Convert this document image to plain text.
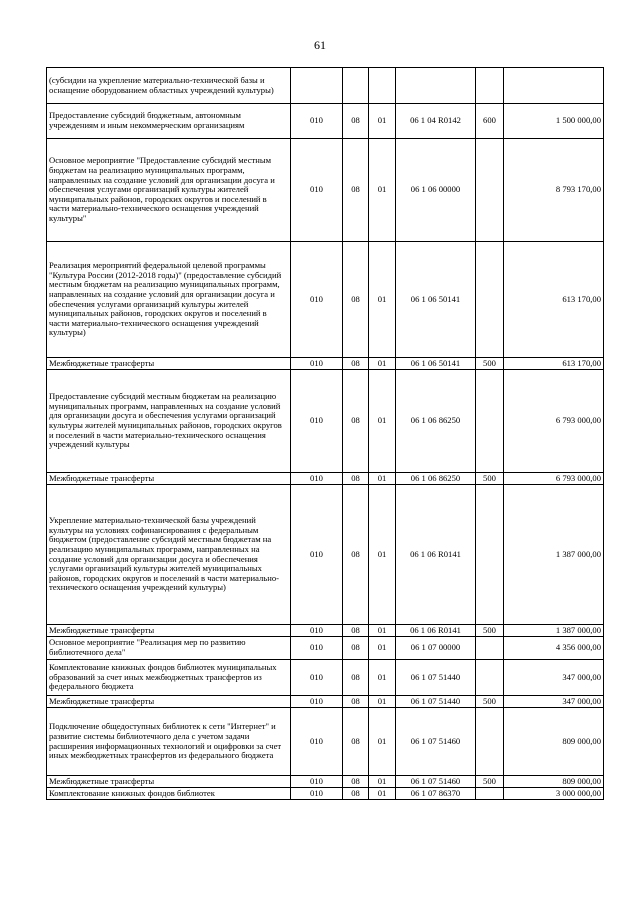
61
(субсидии на укрепление материально-технической базы и оснащение оборудованием областных учреждений культуры)						
Предоставление субсидий бюджетным, автономным учреждениям и иным некоммерческим организациям	010	08	01	06 1 04 R0142	600	1 500 000,00
Основное мероприятие "Предоставление субсидий местным бюджетам на реализацию муниципальных программ, направленных на создание условий для организации досуга и обеспечения услугами организаций культуры жителей муниципальных районов, городских округов и поселений в части материально-технического оснащения учреждений культуры"	010	08	01	06 1 06 00000		8 793 170,00
Реализация мероприятий федеральной целевой программы "Культура России (2012-2018 годы)" (предоставление субсидий местным бюджетам на реализацию муниципальных программ, направленных на создание условий для организации досуга и обеспечения услугами организаций культуры жителей муниципальных районов, городских округов и поселений в части материально-технического оснащения учреждений культуры)	010	08	01	06 1 06 50141		613 170,00
Межбюджетные трансферты	010	08	01	06 1 06 50141	500	613 170,00
Предоставление субсидий местным бюджетам на реализацию муниципальных программ, направленных на создание условий для организации досуга и обеспечения услугами организаций культуры жителей муниципальных районов, городских округов и поселений в части материально-технического оснащения учреждений культуры	010	08	01	06 1 06 86250		6 793 000,00
Межбюджетные трансферты	010	08	01	06 1 06 86250	500	6 793 000,00
Укрепление материально-технической базы учреждений культуры на условиях софинансирования с федеральным бюджетом (предоставление субсидий местным бюджетам на реализацию муниципальных программ, направленных на создание условий для организации досуга и обеспечения услугами организаций культуры жителей муниципальных районов, городских округов и поселений в части материально-технического оснащения учреждений культуры)	010	08	01	06 1 06 R0141		1 387 000,00
Межбюджетные трансферты	010	08	01	06 1 06 R0141	500	1 387 000,00
Основное мероприятие "Реализация мер по развитию библиотечного дела"	010	08	01	06 1 07 00000		4 356 000,00
Комплектование книжных фондов библиотек муниципальных образований за счет иных межбюджетных трансфертов из федерального бюджета	010	08	01	06 1 07 51440		347 000,00
Межбюджетные трансферты	010	08	01	06 1 07 51440	500	347 000,00
Подключение общедоступных библиотек к сети "Интернет" и развитие системы библиотечного дела с учетом задачи расширения информационных технологий и оцифровки за счет иных межбюджетных трансфертов из федерального бюджета	010	08	01	06 1 07 51460		809 000,00
Межбюджетные трансферты	010	08	01	06 1 07 51460	500	809 000,00
Комплектование книжных фондов библиотек	010	08	01	06 1 07 86370		3 000 000,00
